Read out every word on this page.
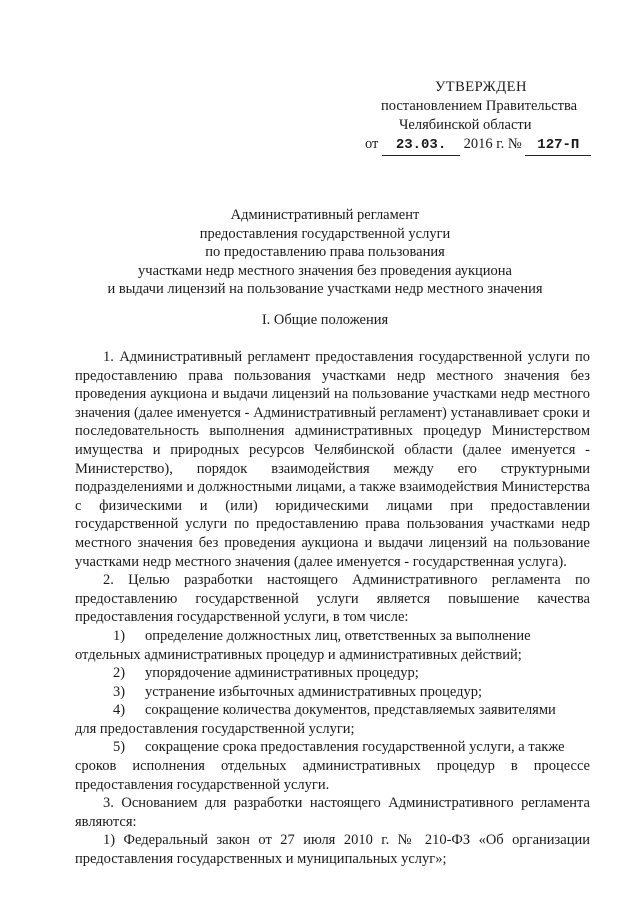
УТВЕРЖДЕН
постановлением Правительства
Челябинской области
от 23.03. 2016 г. № 127-П
Административный регламент
предоставления государственной услуги
по предоставлению права пользования
участками недр местного значения без проведения аукциона
и выдачи лицензий на пользование участками недр местного значения
I. Общие положения

1. Административный регламент предоставления государственной услуги по предоставлению права пользования участками недр местного значения без проведения аукциона и выдачи лицензий на пользование участками недр местного значения (далее именуется - Административный регламент) устанавливает сроки и последовательность выполнения административных процедур Министерством имущества и природных ресурсов Челябинской области (далее именуется - Министерство), порядок взаимодействия между его структурными подразделениями и должностными лицами, а также взаимодействия Министерства с физическими и (или) юридическими лицами при предоставлении государственной услуги по предоставлению права пользования участками недр местного значения без проведения аукциона и выдачи лицензий на пользование участками недр местного значения (далее именуется - государственная услуга).

2. Целью разработки настоящего Административного регламента по предоставлению государственной услуги является повышение качества предоставления государственной услуги, в том числе:

1)	определение должностных лиц, ответственных за выполнение

отдельных административных процедур и административных действий;

2)	упорядочение административных процедур;
3)	устранение избыточных административных процедур;
4)	сокращение количества документов, представляемых заявителями

для предоставления государственной услуги;

5)	сокращение срока предоставления государственной услуги, а также

сроков исполнения отдельных административных процедур в процессе предоставления государственной услуги.

3. Основанием для разработки настоящего Административного регламента являются:

1) Федеральный закон от 27 июля 2010 г. № 210-ФЗ «Об организации предоставления государственных и муниципальных услуг»;
